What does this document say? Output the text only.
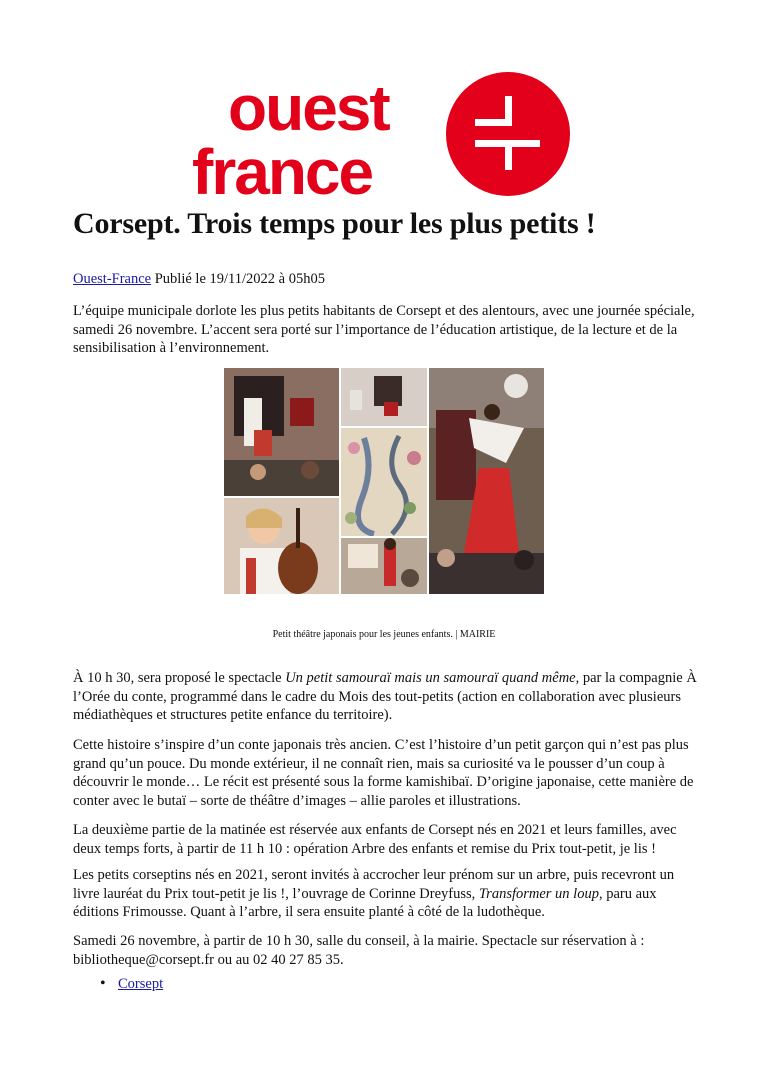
ouest
france
Corsept. Trois temps pour les plus petits !
Ouest-France Publié le 19/11/2022 à 05h05

L’équipe municipale dorlote les plus petits habitants de Corsept et des alentours, avec une journée spéciale, samedi 26 novembre. L’accent sera porté sur l’importance de l’éducation artistique, de la lecture et de la sensibilisation à l’environnement.

Petit théâtre japonais pour les jeunes enfants. | MAIRIE

À 10 h 30, sera proposé le spectacle Un petit samouraï mais un samouraï quand même, par la compagnie À l’Orée du conte, programmé dans le cadre du Mois des tout-petits (action en collaboration avec plusieurs médiathèques et structures petite enfance du territoire).

Cette histoire s’inspire d’un conte japonais très ancien. C’est l’histoire d’un petit garçon qui n’est pas plus grand qu’un pouce. Du monde extérieur, il ne connaît rien, mais sa curiosité va le pousser d’un coup à découvrir le monde… Le récit est présenté sous la forme kamishibaï. D’origine japonaise, cette manière de conter avec le butaï – sorte de théâtre d’images – allie paroles et illustrations.

La deuxième partie de la matinée est réservée aux enfants de Corsept nés en 2021 et leurs familles, avec deux temps forts, à partir de 11 h 10 : opération Arbre des enfants et remise du Prix tout-petit, je lis !

Les petits corseptins nés en 2021, seront invités à accrocher leur prénom sur un arbre, puis recevront un livre lauréat du Prix tout-petit je lis !, l’ouvrage de Corinne Dreyfuss, Transformer un loup, paru aux éditions Frimousse. Quant à l’arbre, il sera ensuite planté à côté de la ludothèque.

Samedi 26 novembre, à partir de 10 h 30, salle du conseil, à la mairie. Spectacle sur réservation à : bibliotheque@corsept.fr ou au 02 40 27 85 35.

• Corsept
